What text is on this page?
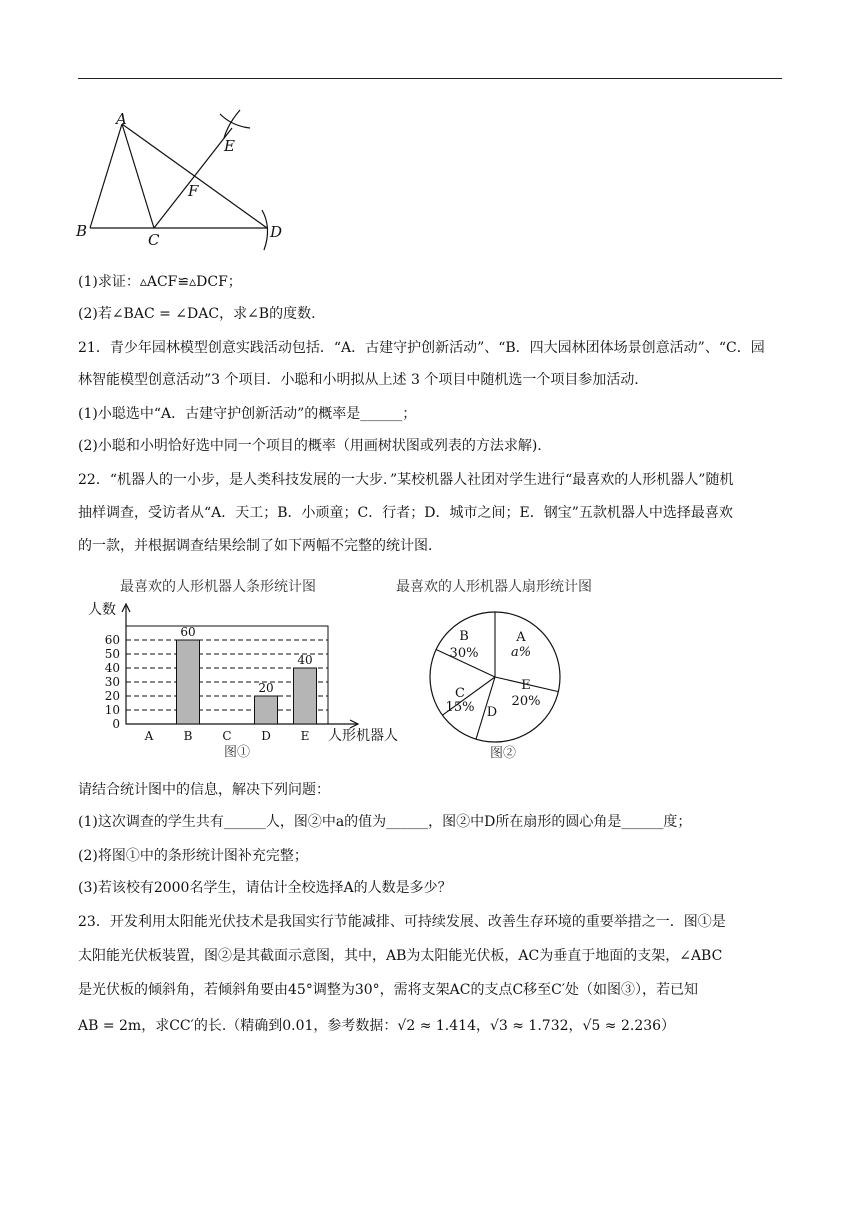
A
B	C	D
E
F
(1)求证：▵ACF≌▵DCF；
(2)若∠BAC = ∠DAC，求∠B的度数.
21．青少年园林模型创意实践活动包括．“A．古建守护创新活动”、“B．四大园林团体场景创意活动”、“C．园
林智能模型创意活动”3 个项目．小聪和小明拟从上述 3 个项目中随机选一个项目参加活动．
(1)小聪选中“A．古建守护创新活动”的概率是______；
(2)小聪和小明恰好选中同一个项目的概率（用画树状图或列表的方法求解).
22．“机器人的一小步，是人类科技发展的一大步．”某校机器人社团对学生进行“最喜欢的人形机器人”随机
抽样调查，受访者从“A．天工；B．小顽童；C．行者；D．城市之间；E．钢宝”五款机器人中选择最喜欢
的一款，并根据调查结果绘制了如下两幅不完整的统计图．
最喜欢的人形机器人条形统计图
人数
人形机器人
图①
0
10
20
30
40
50
60
A	B
60
C D
20
E
40
最喜欢的人形机器人扇形统计图
图②
A
a%
E
20%
D
C
15%
B
30%
请结合统计图中的信息，解决下列问题：
(1)这次调查的学生共有______人，图②中a的值为______，图②中D所在扇形的圆心角是______度；
(2)将图①中的条形统计图补充完整；
(3)若该校有2000名学生，请估计全校选择A的人数是多少？
23．开发利用太阳能光伏技术是我国实行节能减排、可持续发展、改善生存环境的重要举措之一．图①是
太阳能光伏板装置，图②是其截面示意图，其中，AB为太阳能光伏板，AC为垂直于地面的支架，∠ABC
是光伏板的倾斜角，若倾斜角要由45°调整为30°，需将支架AC的支点C移至C′处（如图③），若已知
AB = 2m，求CC′的长.（精确到0.01，参考数据：√2 ≈ 1.414，√3 ≈ 1.732，√5 ≈ 2.236）
